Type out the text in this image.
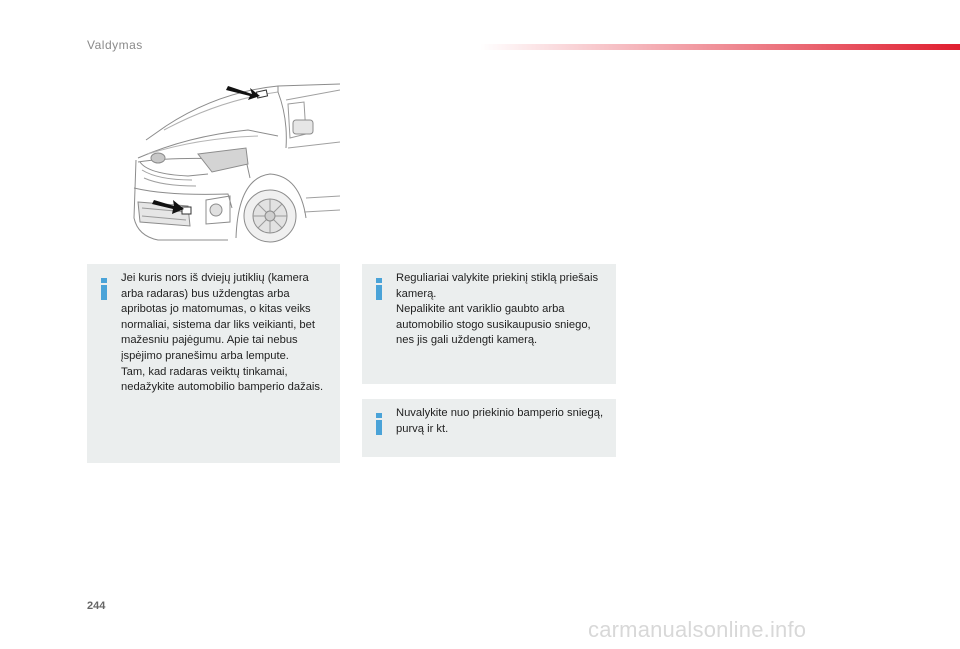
Valdymas

Jei kuris nors iš dviejų jutiklių (kamera arba radaras) bus uždengtas arba apribotas jo matomumas, o kitas veiks normaliai, sistema dar liks veikianti, bet mažesniu pajėgumu. Apie tai nebus įspėjimo pranešimu arba lempute.

Tam, kad radaras veiktų tinkamai, nedažykite automobilio bamperio dažais.

Reguliariai valykite priekinį stiklą priešais kamerą.

Nepalikite ant variklio gaubto arba automobilio stogo susikaupusio sniego, nes jis gali uždengti kamerą.

Nuvalykite nuo priekinio bamperio sniegą, purvą ir kt.

244
carmanualsonline.info
